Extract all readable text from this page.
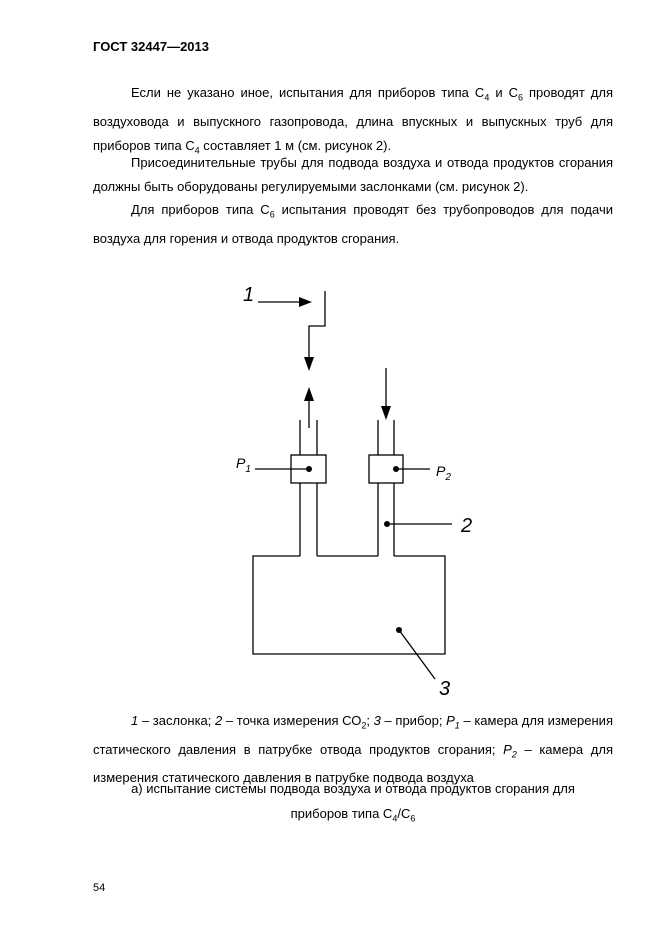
ГОСТ 32447—2013

Если не указано иное, испытания для приборов типа $С_4$ и $С_6$ проводят для воздуховода и выпускного газопровода, длина впускных и выпускных труб для приборов типа $С_4$ составляет 1 м (см. рисунок 2).

Присоединительные трубы для подвода воздуха и отвода продуктов сгорания должны быть оборудованы регулируемыми заслонками (см. рисунок 2).

Для приборов типа $С_6$ испытания проводят без трубопроводов для подачи воздуха для горения и отвода продуктов сгорания.

1
2
3
$P_1$	$P_2$

1 – заслонка; 2 – точка измерения $СО_2$; 3 – прибор; $P_1$ – камера для измерения статического давления в патрубке отвода продуктов сгорания; $P_2$ – камера для измерения статического давления в патрубке подвода воздуха

а) испытание системы подвода воздуха и отвода продуктов сгорания для
приборов типа $С_4/С_6$
54
